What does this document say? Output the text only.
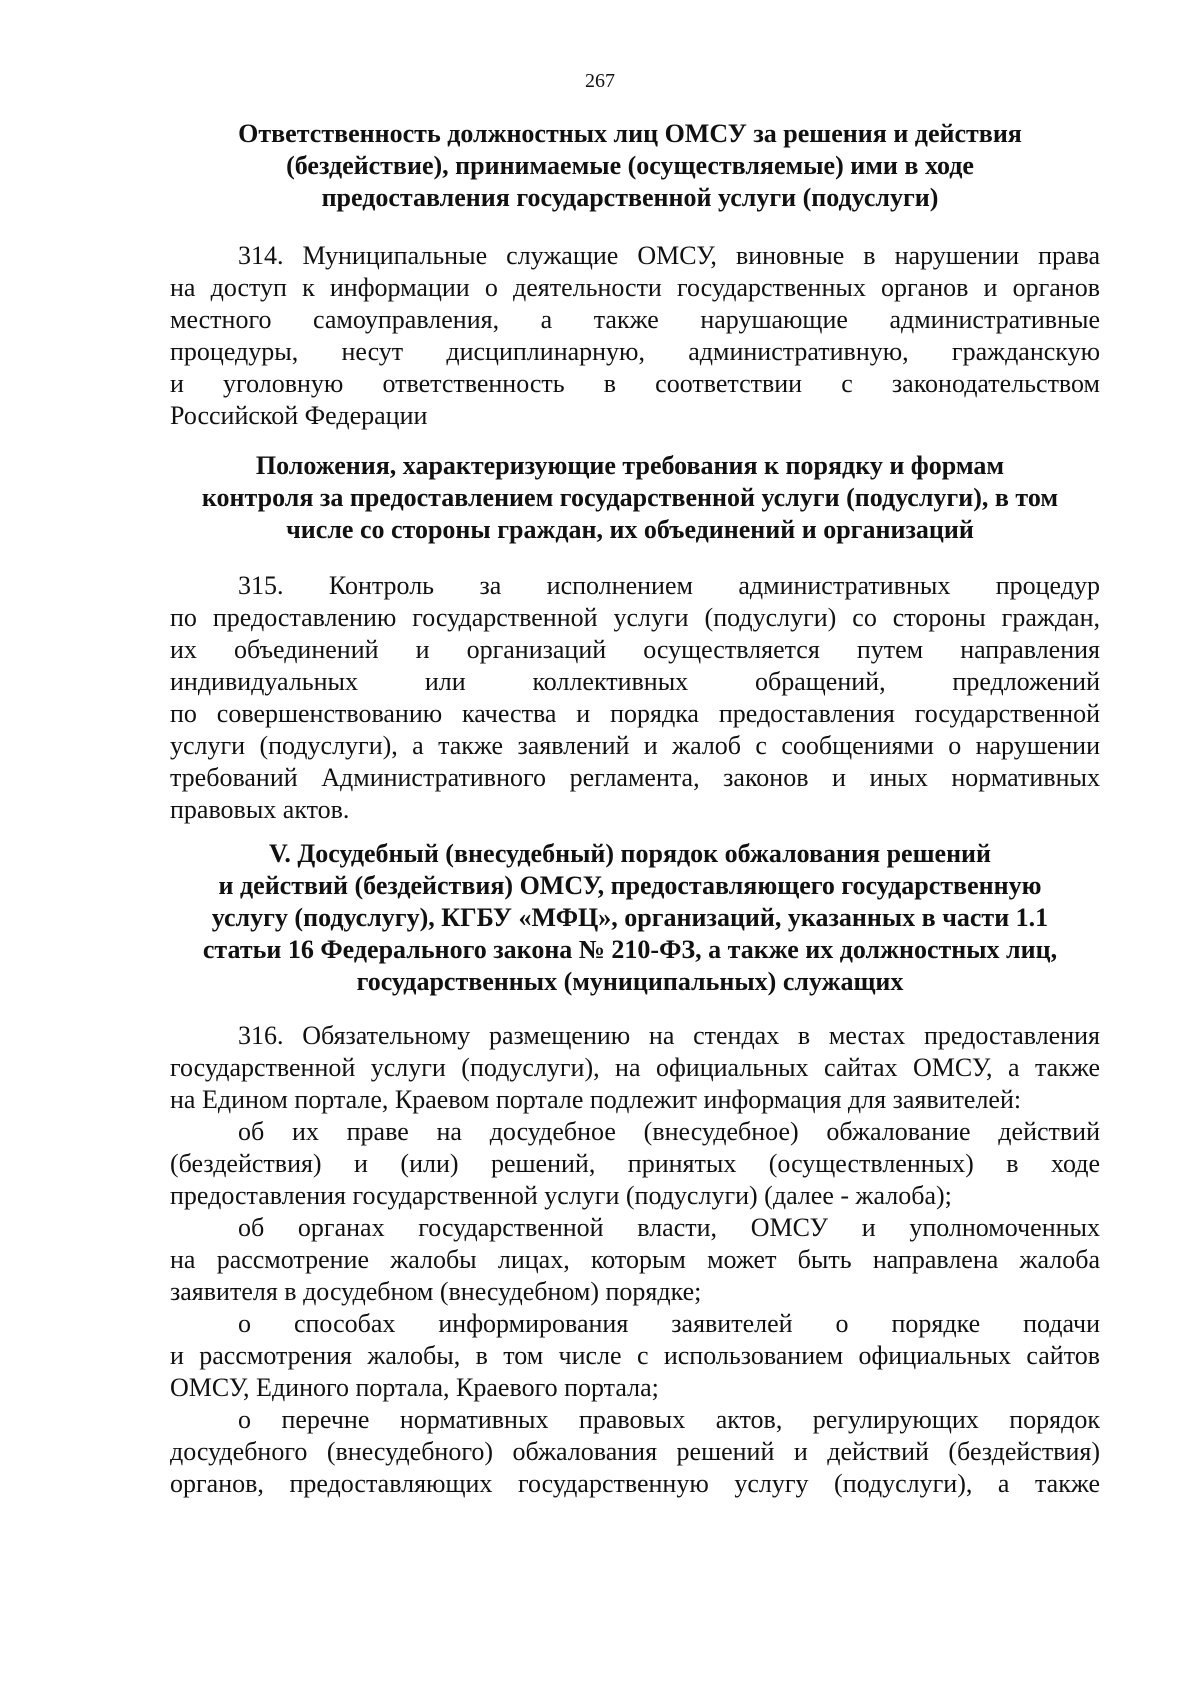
267
Ответственность должностных лиц ОМСУ за решения и действия
(бездействие), принимаемые (осуществляемые) ими в ходе
предоставления государственной услуги (подуслуги)
314. Муниципальные служащие ОМСУ, виновные в нарушении права
на доступ к информации о деятельности государственных органов и органов
местного самоуправления, а также нарушающие административные
процедуры, несут дисциплинарную, административную, гражданскую
и уголовную ответственность в соответствии с законодательством
Российской Федерации
Положения, характеризующие требования к порядку и формам
контроля за предоставлением государственной услуги (подуслуги), в том
числе со стороны граждан, их объединений и организаций
315. Контроль за исполнением административных процедур
по предоставлению государственной услуги (подуслуги) со стороны граждан,
их объединений и организаций осуществляется путем направления
индивидуальных или коллективных обращений, предложений
по совершенствованию качества и порядка предоставления государственной
услуги (подуслуги), а также заявлений и жалоб с сообщениями о нарушении
требований Административного регламента, законов и иных нормативных
правовых актов.
V. Досудебный (внесудебный) порядок обжалования решений
и действий (бездействия) ОМСУ, предоставляющего государственную
услугу (подуслугу), КГБУ «МФЦ», организаций, указанных в части 1.1
статьи 16 Федерального закона № 210-ФЗ, а также их должностных лиц,
государственных (муниципальных) служащих
316. Обязательному размещению на стендах в местах предоставления
государственной услуги (подуслуги), на официальных сайтах ОМСУ, а также
на Едином портале, Краевом портале подлежит информация для заявителей:
об их праве на досудебное (внесудебное) обжалование действий
(бездействия) и (или) решений, принятых (осуществленных) в ходе
предоставления государственной услуги (подуслуги) (далее - жалоба);
об органах государственной власти, ОМСУ и уполномоченных
на рассмотрение жалобы лицах, которым может быть направлена жалоба
заявителя в досудебном (внесудебном) порядке;
о способах информирования заявителей о порядке подачи
и рассмотрения жалобы, в том числе с использованием официальных сайтов
ОМСУ, Единого портала, Краевого портала;
о перечне нормативных правовых актов, регулирующих порядок
досудебного (внесудебного) обжалования решений и действий (бездействия)
органов, предоставляющих государственную услугу (подуслуги), а также
